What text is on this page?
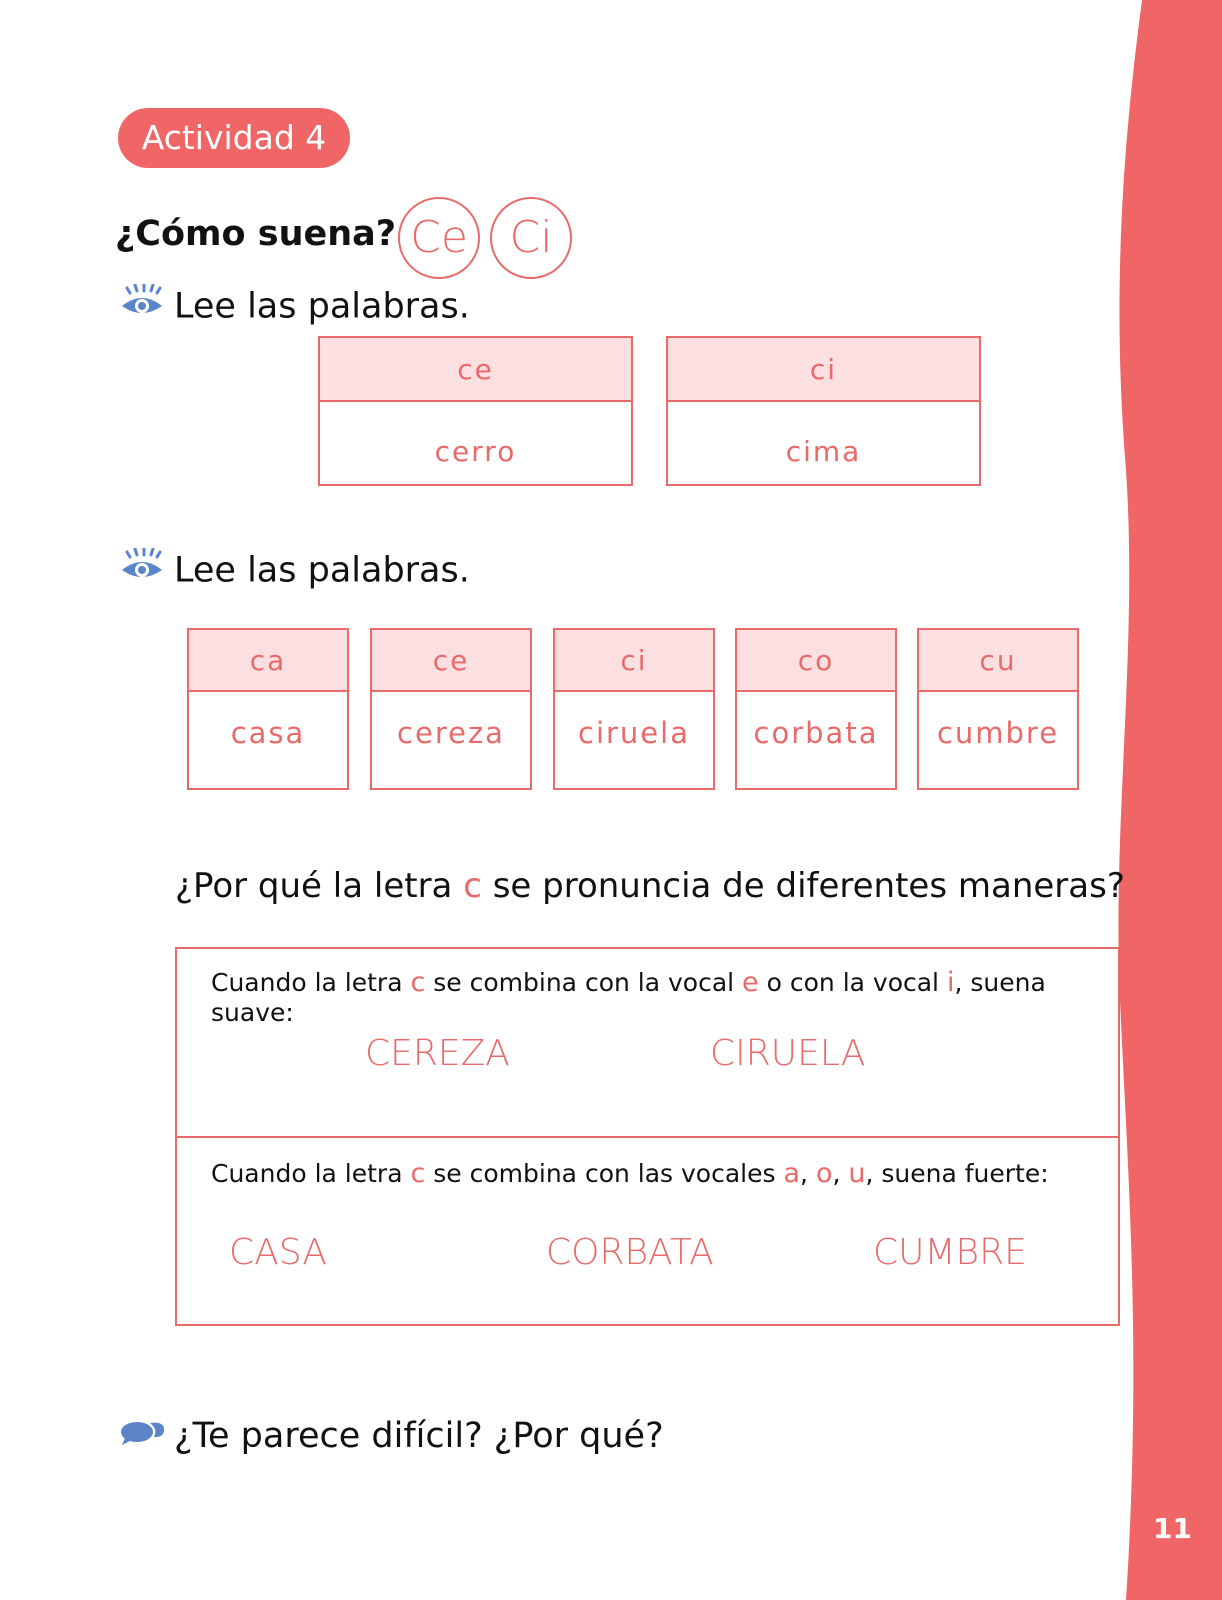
11
Actividad 4
¿Cómo suena? Ce Ci
Lee las palabras.
ce
cerro
ci
cima
Lee las palabras.
ca
casa
ce
cereza
ci
ciruela
co
corbata
cu
cumbre
¿Por qué la letra c se pronuncia de diferentes maneras?
Cuando la letra c se combina con la vocal e o con la vocal i, suena suave:
CEREZA	CIRUELA
Cuando la letra c se combina con las vocales a, o, u, suena fuerte:
CASA	CORBATA	CUMBRE
¿Te parece difícil? ¿Por qué?
